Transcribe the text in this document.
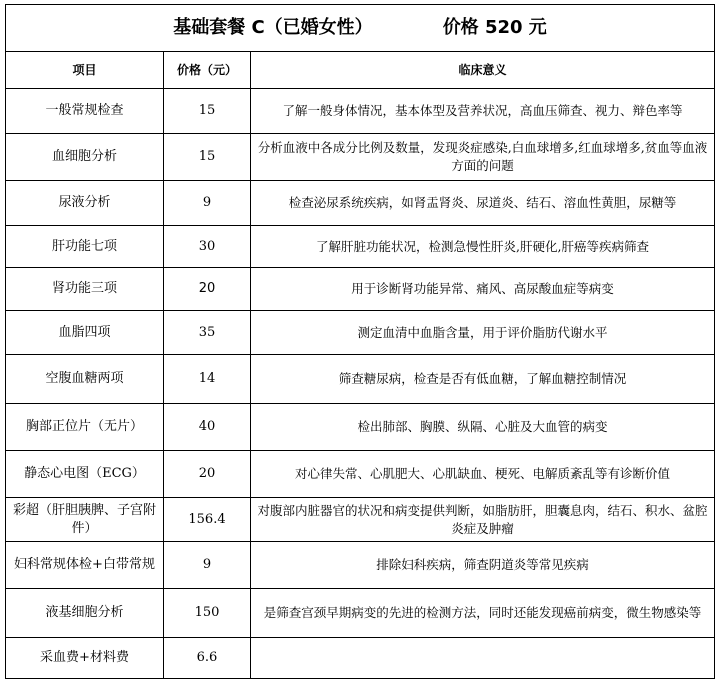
基础套餐 C（已婚女性） 价格 520 元		
项目	价格（元）	临床意义
一般常规检查	15	了解一般身体情况，基本体型及营养状况，高血压筛查、视力、辩色率等
血细胞分析	15	分析血液中各成分比例及数量，发现炎症感染,白血球增多,红血球增多,贫血等血液方面的问题
尿液分析	9	检查泌尿系统疾病，如肾盂肾炎、尿道炎、结石、溶血性黄胆，尿糖等
肝功能七项	30	了解肝脏功能状况，检测急慢性肝炎,肝硬化,肝癌等疾病筛查
肾功能三项	20	用于诊断肾功能异常、痛风、高尿酸血症等病变
血脂四项	35	测定血清中血脂含量，用于评价脂肪代谢水平
空腹血糖两项	14	筛查糖尿病，检查是否有低血糖，了解血糖控制情况
胸部正位片（无片）	40	检出肺部、胸膜、纵隔、心脏及大血管的病变
静态心电图（ECG）	20	对心律失常、心肌肥大、心肌缺血、梗死、电解质紊乱等有诊断价值
彩超（肝胆胰脾、子宫附件）	156.4	对腹部内脏器官的状况和病变提供判断，如脂肪肝，胆囊息肉，结石、积水、盆腔炎症及肿瘤
妇科常规体检+白带常规	9	排除妇科疾病，筛查阴道炎等常见疾病
液基细胞分析	150	是筛查宫颈早期病变的先进的检测方法，同时还能发现癌前病变，微生物感染等
采血费+材料费	6.6	
